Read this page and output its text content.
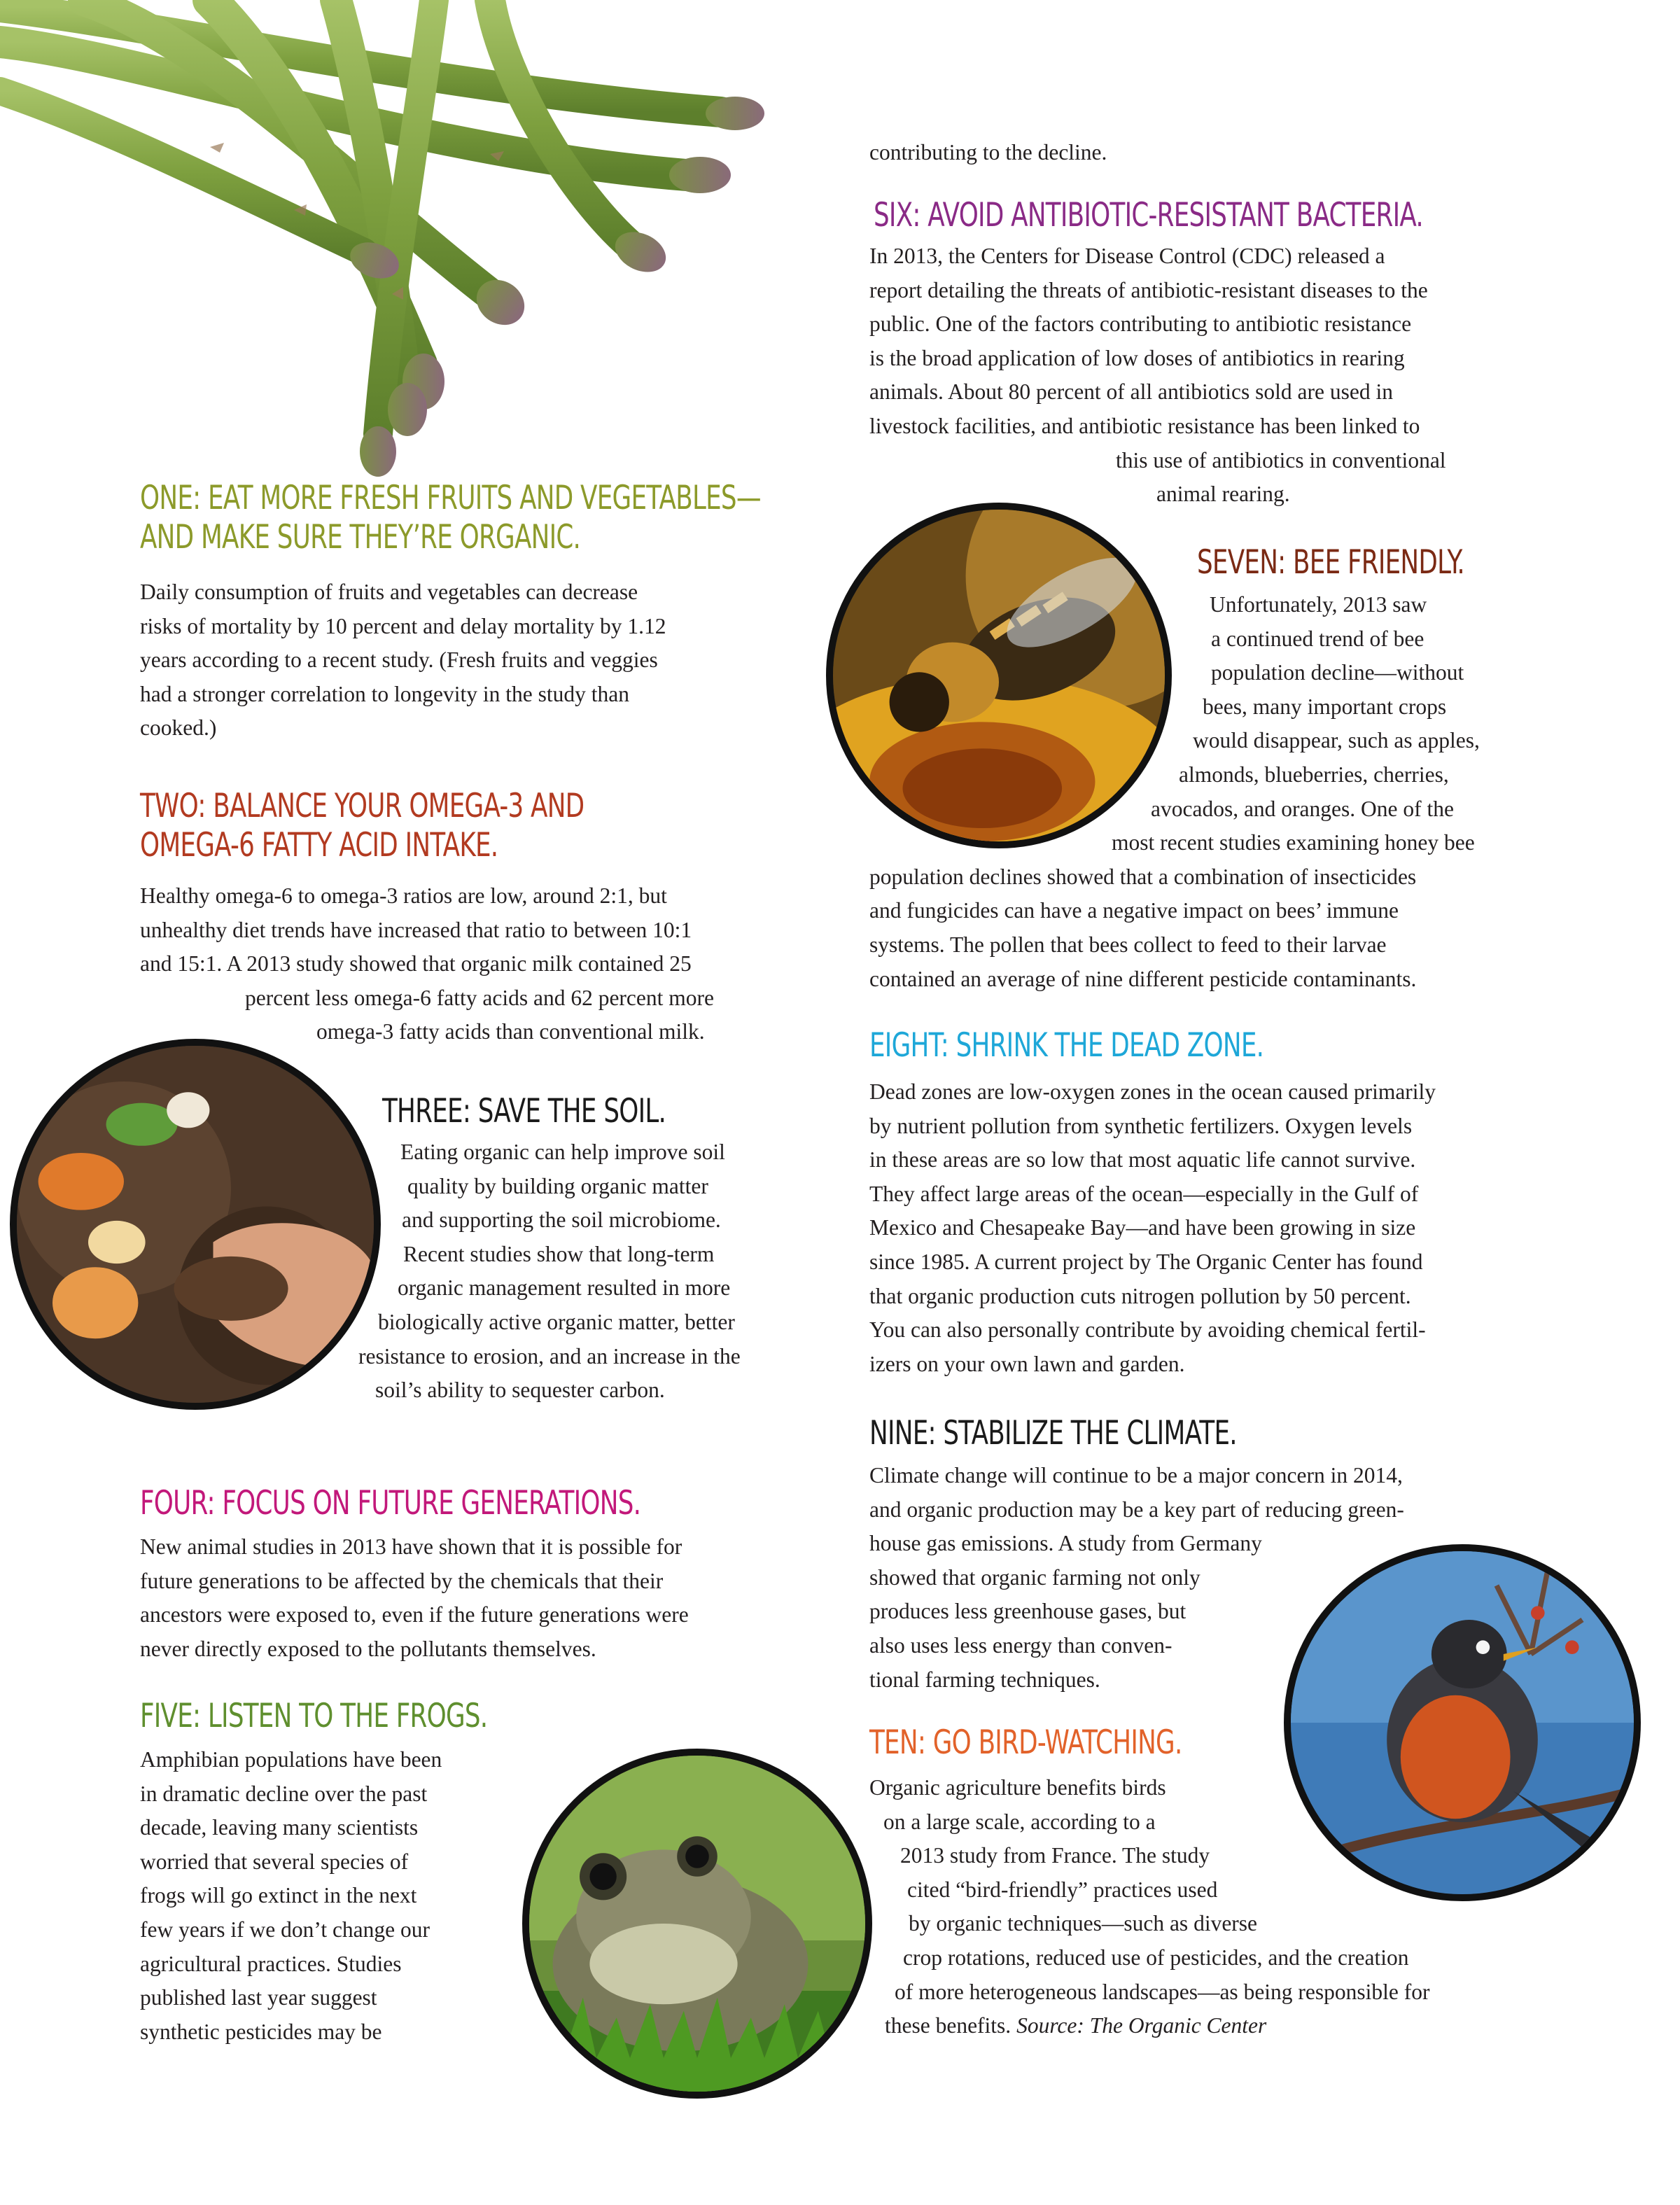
ONE: EAT MORE FRESH FRUITS AND VEGETABLES—
AND MAKE SURE THEY’RE ORGANIC.
Daily consumption of fruits and vegetables can decrease
risks of mortality by 10 percent and delay mortality by 1.12
years according to a recent study. (Fresh fruits and veggies
had a stronger correlation to longevity in the study than
cooked.)
TWO: BALANCE YOUR OMEGA-3 AND
OMEGA-6 FATTY ACID INTAKE.
Healthy omega-6 to omega-3 ratios are low, around 2:1, but
unhealthy diet trends have increased that ratio to between 10:1
and 15:1. A 2013 study showed that organic milk contained 25
percent less omega-6 fatty acids and 62 percent more
omega-3 fatty acids than conventional milk.
THREE: SAVE THE SOIL.
Eating organic can help improve soil
quality by building organic matter
and supporting the soil microbiome.
Recent studies show that long-term
organic management resulted in more
biologically active organic matter, better
resistance to erosion, and an increase in the
soil’s ability to sequester carbon.
FOUR: FOCUS ON FUTURE GENERATIONS.
New animal studies in 2013 have shown that it is possible for
future generations to be affected by the chemicals that their
ancestors were exposed to, even if the future generations were
never directly exposed to the pollutants themselves.
FIVE: LISTEN TO THE FROGS.
Amphibian populations have been
in dramatic decline over the past
decade, leaving many scientists
worried that several species of
frogs will go extinct in the next
few years if we don’t change our
agricultural practices. Studies
published last year suggest
synthetic pesticides may be
contributing to the decline.
SIX: AVOID ANTIBIOTIC-RESISTANT BACTERIA.
In 2013, the Centers for Disease Control (CDC) released a
report detailing the threats of antibiotic-resistant diseases to the
public. One of the factors contributing to antibiotic resistance
is the broad application of low doses of antibiotics in rearing
animals. About 80 percent of all antibiotics sold are used in
livestock facilities, and antibiotic resistance has been linked to
this use of antibiotics in conventional
animal rearing.
SEVEN: BEE FRIENDLY.
Unfortunately, 2013 saw
a continued trend of bee
population decline—without
bees, many important crops
would disappear, such as apples,
almonds, blueberries, cherries,
avocados, and oranges. One of the
most recent studies examining honey bee
population declines showed that a combination of insecticides
and fungicides can have a negative impact on bees’ immune
systems. The pollen that bees collect to feed to their larvae
contained an average of nine different pesticide contaminants.
EIGHT: SHRINK THE DEAD ZONE.
Dead zones are low-oxygen zones in the ocean caused primarily
by nutrient pollution from synthetic fertilizers. Oxygen levels
in these areas are so low that most aquatic life cannot survive.
They affect large areas of the ocean—especially in the Gulf of
Mexico and Chesapeake Bay—and have been growing in size
since 1985. A current project by The Organic Center has found
that organic production cuts nitrogen pollution by 50 percent.
You can also personally contribute by avoiding chemical fertil-
izers on your own lawn and garden.
NINE: STABILIZE THE CLIMATE.
Climate change will continue to be a major concern in 2014,
and organic production may be a key part of reducing green-
house gas emissions. A study from Germany
showed that organic farming not only
produces less greenhouse gases, but
also uses less energy than conven-
tional farming techniques.
TEN: GO BIRD-WATCHING.
Organic agriculture benefits birds
on a large scale, according to a
2013 study from France. The study
cited “bird-friendly” practices used
by organic techniques—such as diverse
crop rotations, reduced use of pesticides, and the creation
of more heterogeneous landscapes—as being responsible for
these benefits. Source: The Organic Center
